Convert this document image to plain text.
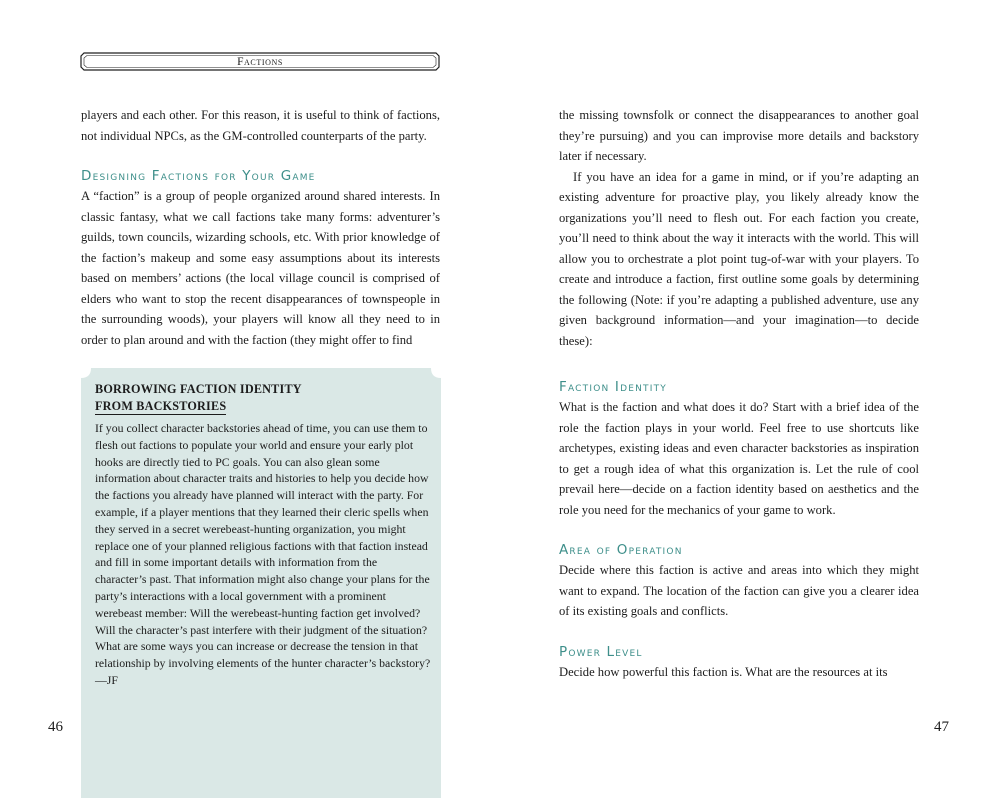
Factions

players and each other. For this reason, it is useful to think of factions, not individual NPCs, as the GM-controlled counterparts of the party.

Designing Factions for Your Game

A “faction” is a group of people organized around shared interests. In classic fantasy, what we call factions take many forms: adventurer’s guilds, town councils, wizarding schools, etc. With prior knowledge of the faction’s makeup and some easy assumptions about its interests based on members’ actions (the local village council is comprised of elders who want to stop the recent disappearances of townspeople in the surrounding woods), your players will know all they need to in order to plan around and with the faction (they might offer to find

BORROWING FACTION IDENTITY
FROM BACKSTORIES

If you collect character backstories ahead of time, you can use them to flesh out factions to populate your world and ensure your early plot hooks are directly tied to PC goals. You can also glean some information about character traits and histories to help you decide how the factions you already have planned will interact with the party. For example, if a player mentions that they learned their cleric spells when they served in a secret werebeast-hunting organization, you might replace one of your planned religious factions with that faction instead and fill in some important details with information from the character’s past. That information might also change your plans for the party’s interactions with a local government with a prominent werebeast member: Will the werebeast-hunting faction get involved? Will the character’s past interfere with their judgment of the situation? What are some ways you can increase or decrease the tension in that relationship by involving elements of the hunter character’s backstory? —JF

the missing townsfolk or connect the disappearances to another goal they’re pursuing) and you can improvise more details and backstory later if necessary.

If you have an idea for a game in mind, or if you’re adapting an existing adventure for proactive play, you likely already know the organizations you’ll need to flesh out. For each faction you create, you’ll need to think about the way it interacts with the world. This will allow you to orchestrate a plot point tug-of-war with your players. To create and introduce a faction, first outline some goals by determining the following (Note: if you’re adapting a published adventure, use any given background information—and your imagination—to decide these):

Faction Identity

What is the faction and what does it do? Start with a brief idea of the role the faction plays in your world. Feel free to use shortcuts like archetypes, existing ideas and even character backstories as inspiration to get a rough idea of what this organization is. Let the rule of cool prevail here—decide on a faction identity based on aesthetics and the role you need for the mechanics of your game to work.

Area of Operation

Decide where this faction is active and areas into which they might want to expand. The location of the faction can give you a clearer idea of its existing goals and conflicts.

Power Level

Decide how powerful this faction is. What are the resources at its

46	47
